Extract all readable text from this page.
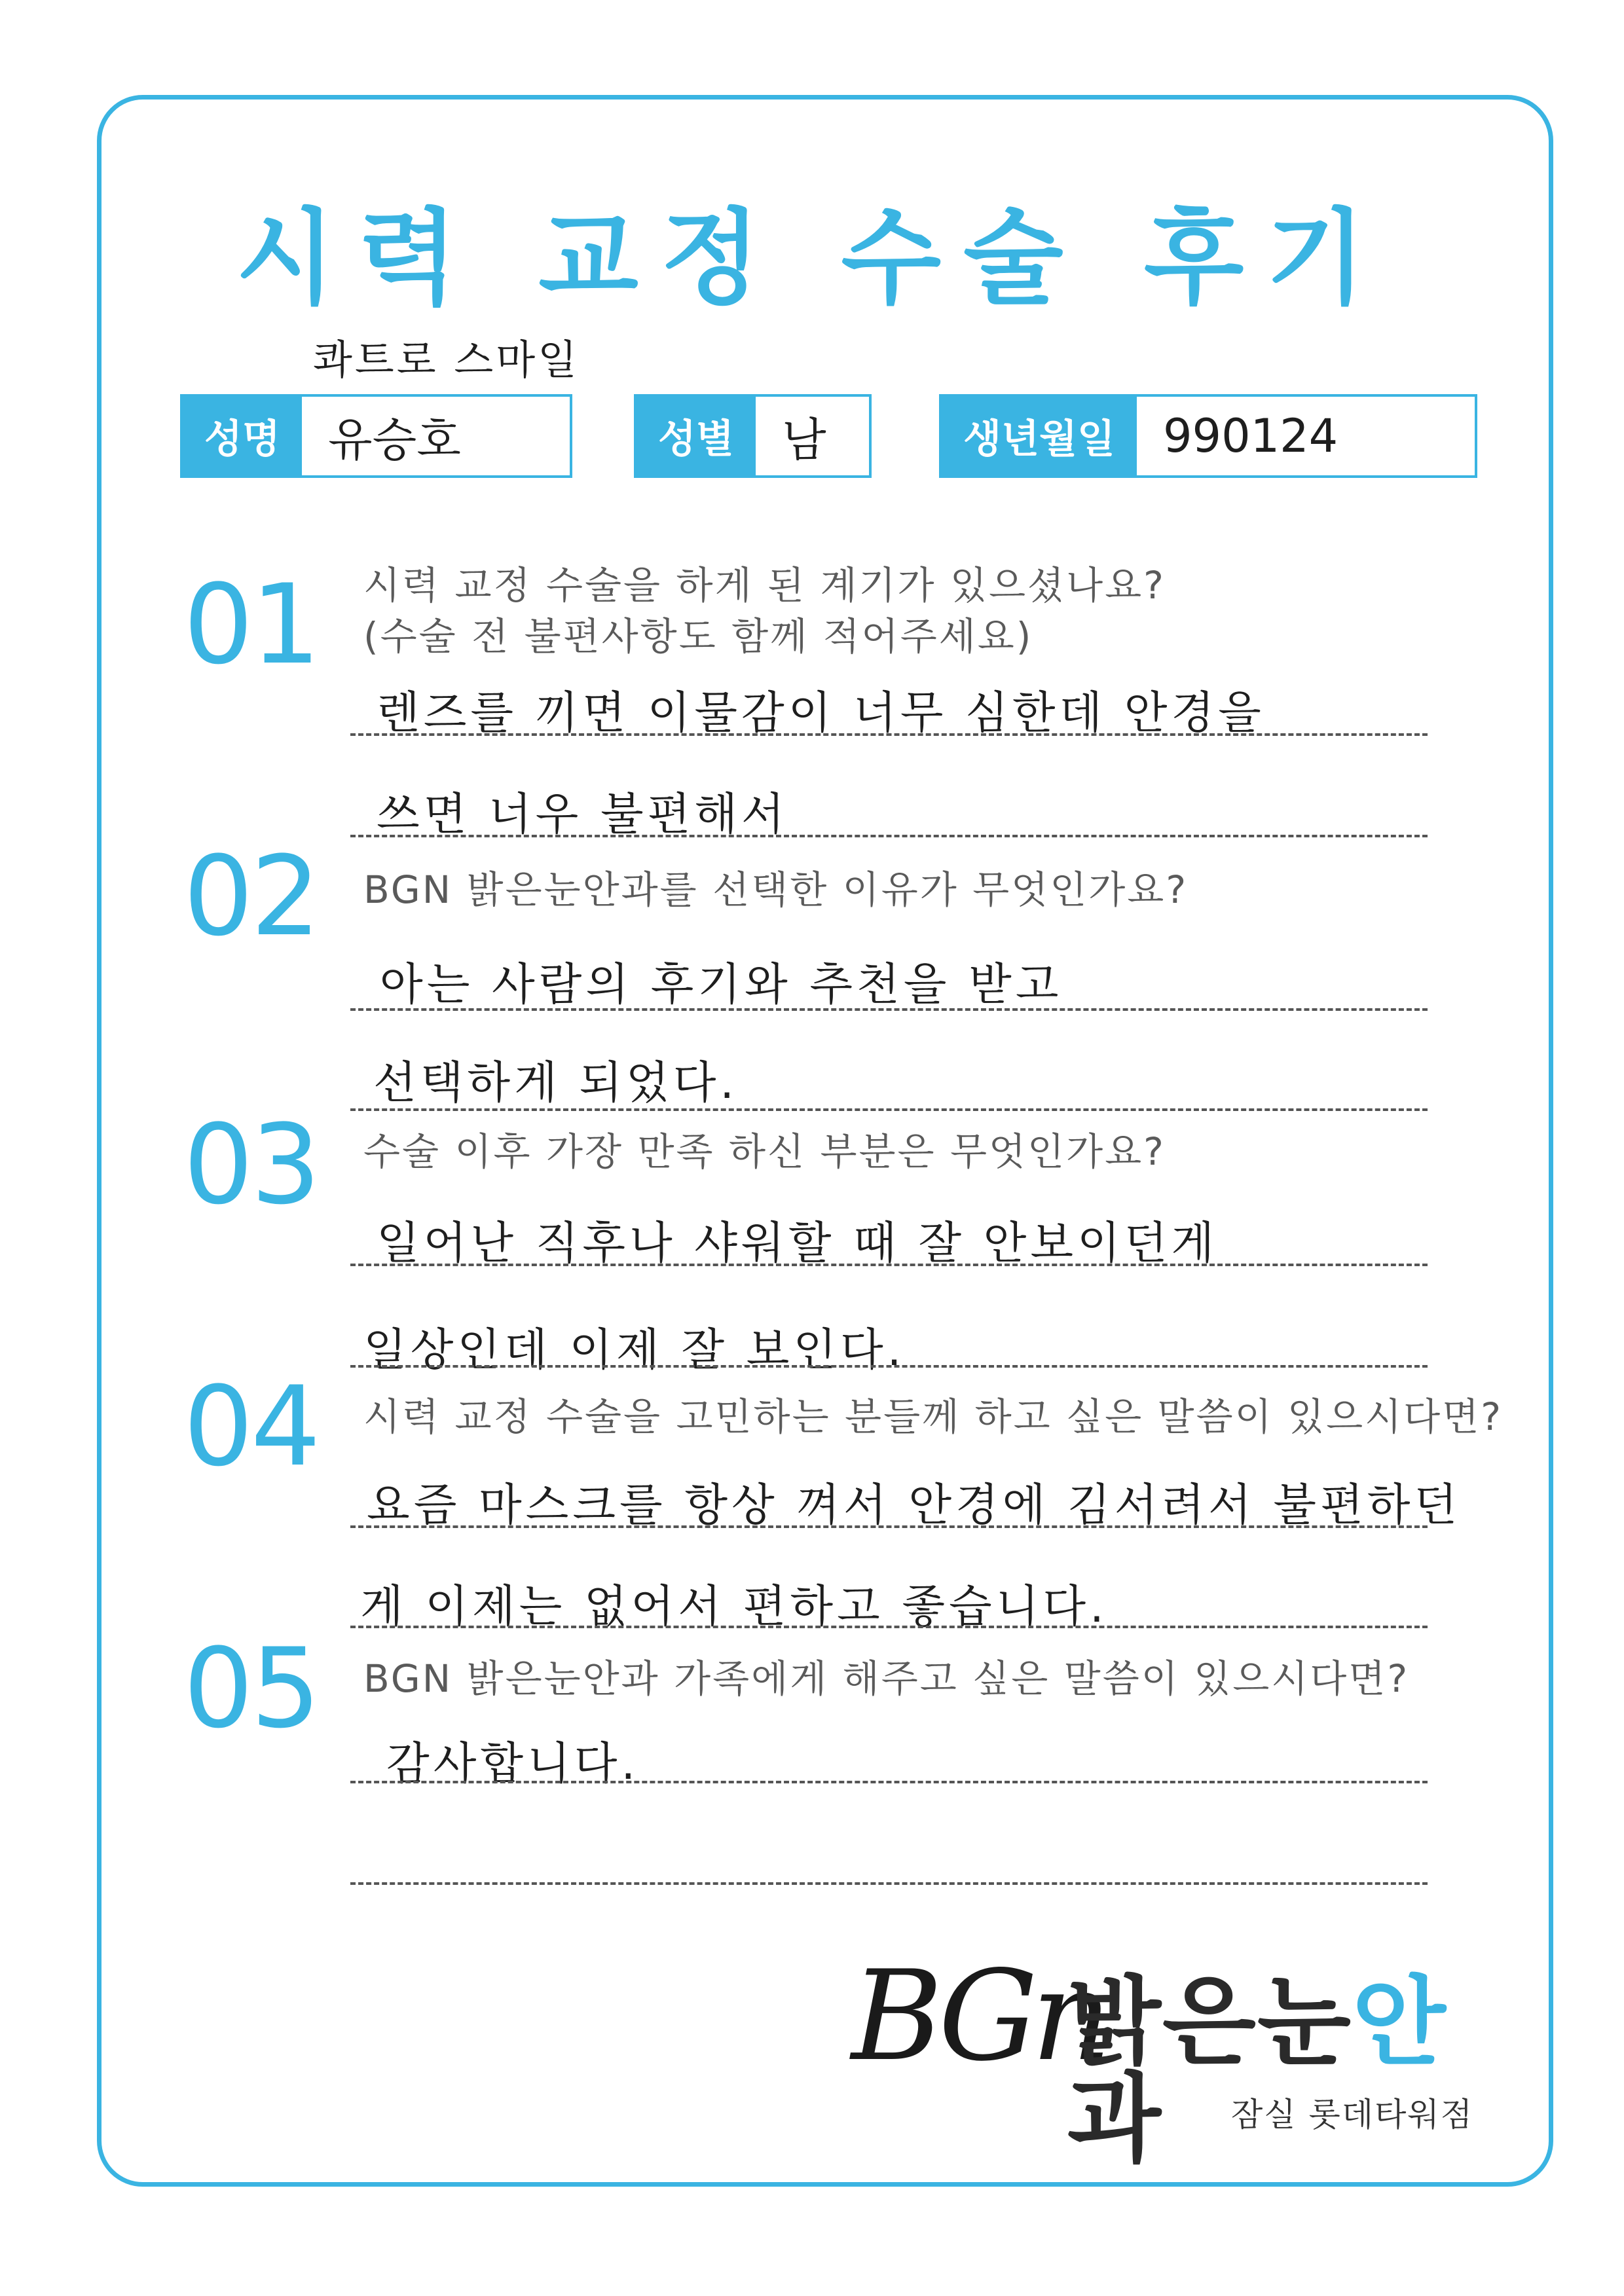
시력 교정 수술 후기
콰트로 스마일
성명	유승호	성별	남	생년월일	990124
01 시력 교정 수술을 하게 된 계기가 있으셨나요?
(수술 전 불편사항도 함께 적어주세요)
렌즈를 끼면 이물감이 너무 심한데 안경을
쓰면 너우 불편해서
02 BGN 밝은눈안과를 선택한 이유가 무엇인가요?
아는 사람의 후기와 추천을 받고
선택하게 되었다.
03 수술 이후 가장 만족 하신 부분은 무엇인가요?
일어난 직후나 샤워할 때 잘 안보이던게
일상인데 이제 잘 보인다.
04 시력 교정 수술을 고민하는 분들께 하고 싶은 말씀이 있으시다면?
요즘 마스크를 항상 껴서 안경에 김서려서 불편하던
게 이제는 없어서 편하고 좋습니다.
05 BGN 밝은눈안과 가족에게 해주고 싶은 말씀이 있으시다면?
감사합니다.
BGn
밝은눈안과	잠실 롯데타워점
